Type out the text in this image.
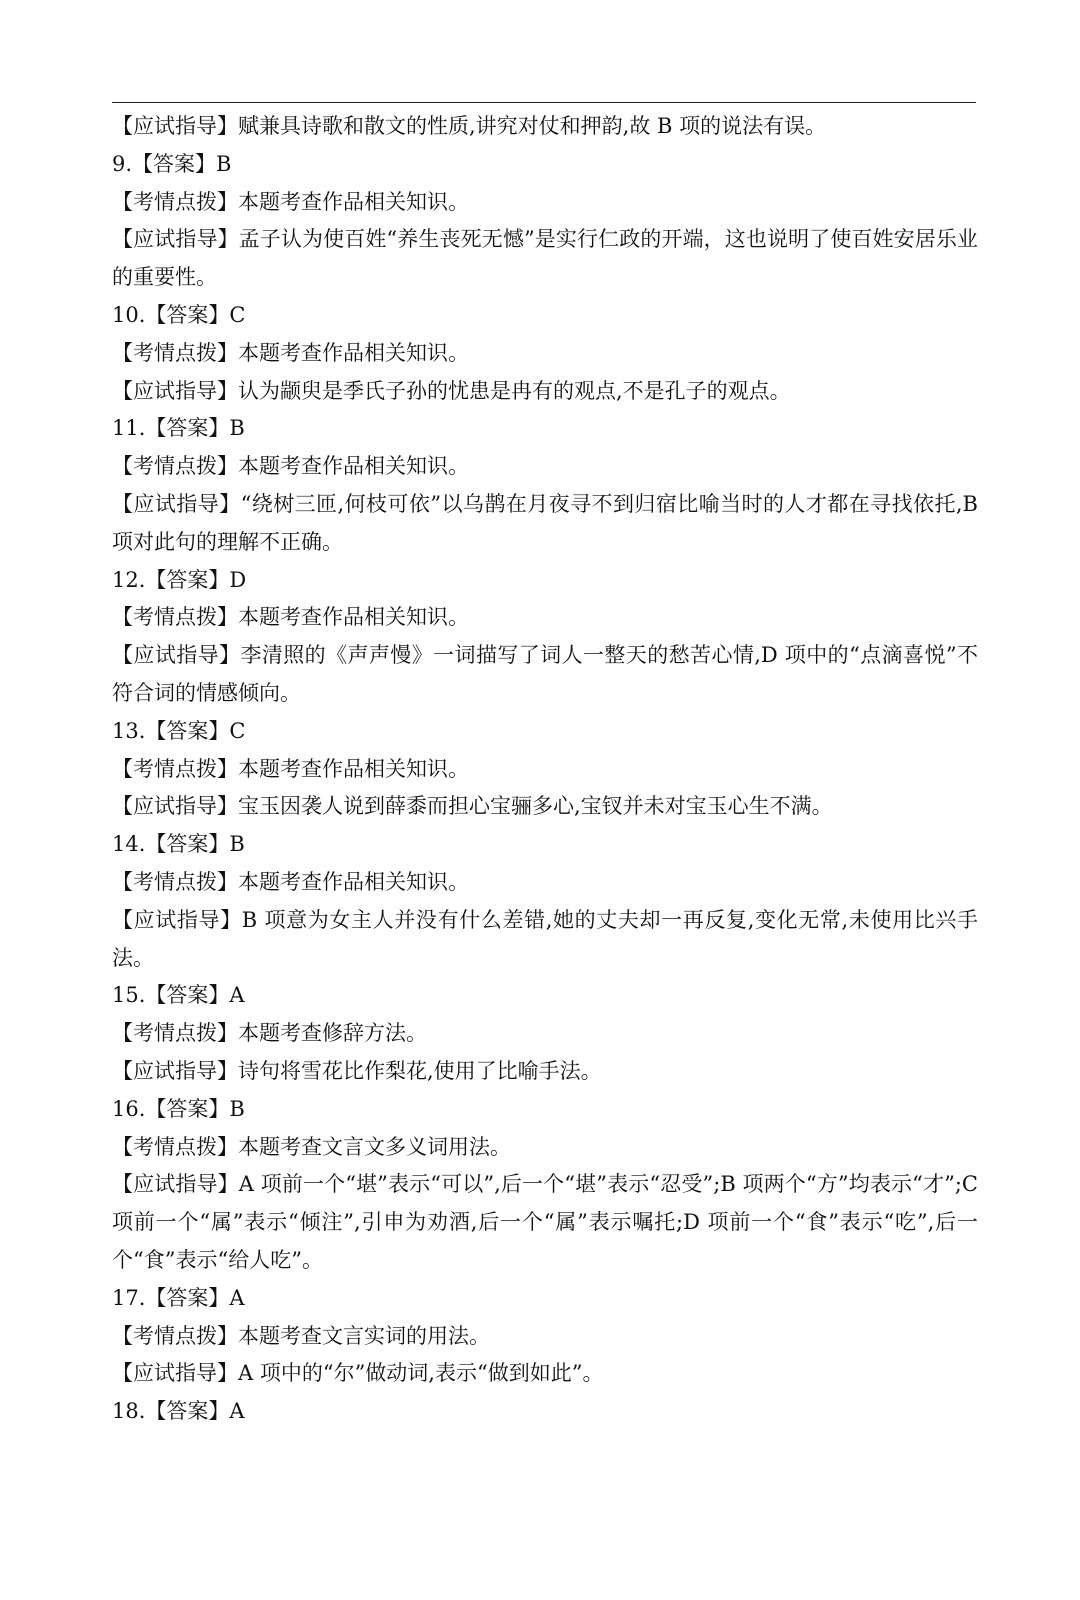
【应试指导】赋兼具诗歌和散文的性质,讲究对仗和押韵,故 B 项的说法有误。
9.【答案】B
【考情点拨】本题考查作品相关知识。
【应试指导】孟子认为使百姓“养生丧死无憾”是实行仁政的开端，这也说明了使百姓安居乐业的重要性。
10.【答案】C
【考情点拨】本题考查作品相关知识。
【应试指导】认为颛臾是季氏子孙的忧患是冉有的观点,不是孔子的观点。
11.【答案】B
【考情点拨】本题考查作品相关知识。
【应试指导】“绕树三匝,何枝可依”以乌鹊在月夜寻不到归宿比喻当时的人才都在寻找依托,B 项对此句的理解不正确。
12.【答案】D
【考情点拨】本题考查作品相关知识。
【应试指导】李清照的《声声慢》一词描写了词人一整天的愁苦心情,D 项中的“点滴喜悦”不符合词的情感倾向。
13.【答案】C
【考情点拨】本题考查作品相关知识。
【应试指导】宝玉因袭人说到薛黍而担心宝骊多心,宝钗并未对宝玉心生不满。
14.【答案】B
【考情点拨】本题考查作品相关知识。
【应试指导】B 项意为女主人并没有什么差错,她的丈夫却一再反复,变化无常,未使用比兴手法。
15.【答案】A
【考情点拨】本题考查修辞方法。
【应试指导】诗句将雪花比作梨花,使用了比喻手法。
16.【答案】B
【考情点拨】本题考查文言文多义词用法。
【应试指导】A 项前一个“堪”表示“可以”,后一个“堪”表示“忍受”;B 项两个“方”均表示“才”;C 项前一个“属”表示“倾注”,引申为劝酒,后一个“属”表示嘱托;D 项前一个“食”表示“吃”,后一个“食”表示“给人吃”。
17.【答案】A
【考情点拨】本题考查文言实词的用法。
【应试指导】A 项中的“尔”做动词,表示“做到如此”。
18.【答案】A
